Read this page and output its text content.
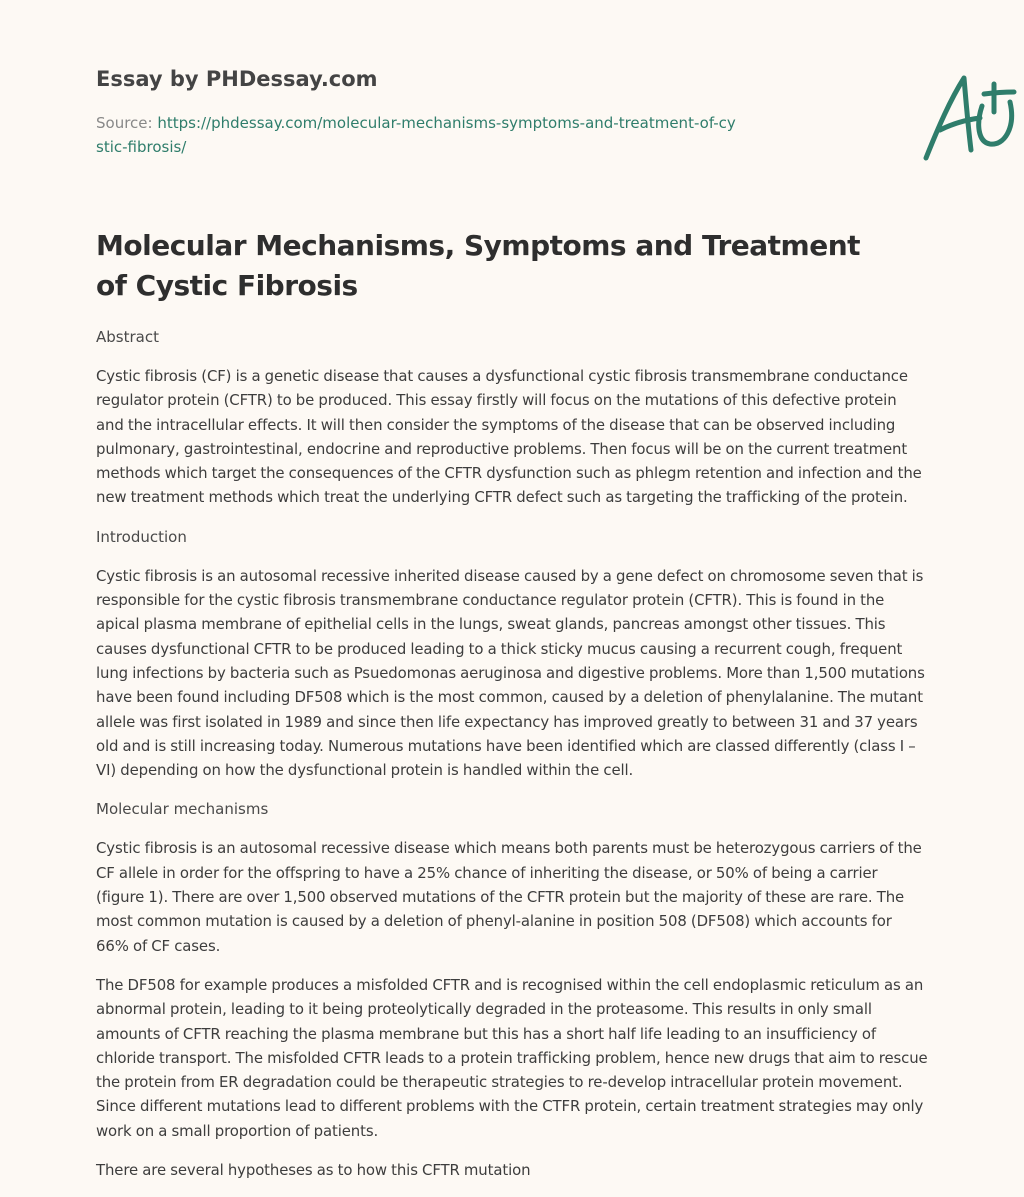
Essay by PHDessay.com
Source: https://phdessay.com/molecular-mechanisms-symptoms-and-treatment-of-cystic-fibrosis/
Molecular Mechanisms, Symptoms and Treatment of Cystic Fibrosis

Abstract

Cystic fibrosis (CF) is a genetic disease that causes a dysfunctional cystic fibrosis transmembrane conductance regulator protein (CFTR) to be produced. This essay firstly will focus on the mutations of this defective protein and the intracellular effects. It will then consider the symptoms of the disease that can be observed including pulmonary, gastrointestinal, endocrine and reproductive problems. Then focus will be on the current treatment methods which target the consequences of the CFTR dysfunction such as phlegm retention and infection and the new treatment methods which treat the underlying CFTR defect such as targeting the trafficking of the protein.

Introduction

Cystic fibrosis is an autosomal recessive inherited disease caused by a gene defect on chromosome seven that is responsible for the cystic fibrosis transmembrane conductance regulator protein (CFTR). This is found in the apical plasma membrane of epithelial cells in the lungs, sweat glands, pancreas amongst other tissues. This causes dysfunctional CFTR to be produced leading to a thick sticky mucus causing a recurrent cough, frequent lung infections by bacteria such as Psuedomonas aeruginosa and digestive problems. More than 1,500 mutations have been found including DF508 which is the most common, caused by a deletion of phenylalanine. The mutant allele was first isolated in 1989 and since then life expectancy has improved greatly to between 31 and 37 years old and is still increasing today. Numerous mutations have been identified which are classed differently (class I – VI) depending on how the dysfunctional protein is handled within the cell.

Molecular mechanisms

Cystic fibrosis is an autosomal recessive disease which means both parents must be heterozygous carriers of the CF allele in order for the offspring to have a 25% chance of inheriting the disease, or 50% of being a carrier (figure 1). There are over 1,500 observed mutations of the CFTR protein but the majority of these are rare. The most common mutation is caused by a deletion of phenyl-alanine in position 508 (DF508) which accounts for 66% of CF cases.

The DF508 for example produces a misfolded CFTR and is recognised within the cell endoplasmic reticulum as an abnormal protein, leading to it being proteolytically degraded in the proteasome. This results in only small amounts of CFTR reaching the plasma membrane but this has a short half life leading to an insufficiency of chloride transport. The misfolded CFTR leads to a protein trafficking problem, hence new drugs that aim to rescue the protein from ER degradation could be therapeutic strategies to re-develop intracellular protein movement. Since different mutations lead to different problems with the CTFR protein, certain treatment strategies may only work on a small proportion of patients.

There are several hypotheses as to how this CFTR mutation
